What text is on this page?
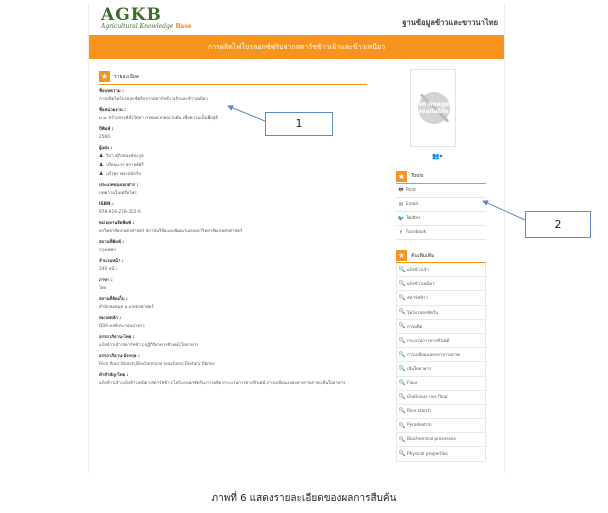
AGKB
Agricultural Knowledge Base	ฐานข้อมูลข้าวและขาวนาไทย
การผลิตไฟโบรลอกซ์พริบจากสตาร์ชข้าวเจ้าและข้าวเหนียว
★	รายละเอียด
ชื่อบทความ :
การผลิตไฟโบรลอกซ์พริบจากสตาร์ชข้าวเจ้าและข้าวเหนียว
ชื่อหน่วยงาน :
ม.ม. สร้างสรรค์ที่รวิทยา ภาคผนวกคณาบคัน เพื่อความเป็นพื่อสุดี
ปีพิมพ์ :
2560
ผู้แต่ง :
♟ วิภา ศุภิรสนงษ์ปะกูล
♟ ปรียณะรร สกาลย์ศรี
♟ นรีรพร พจรลป์ภรับ
ประเภทของเอกสาร :
บทความในเครือไพร
ISBN :
978-616-278-352-6
หน่วยงานจัดพิมพ์ :
ยกวิทยาลัยเกษตรศาสตร์ สถาบันวิจัยและพัฒนาแห่งมหาวิทยาลัยเกษตรศาสตร์
สถานที่พิมพ์ :
กรุงเทพฯ
จำนวนหน้า :
240 หน้า
ภาษา :
ไทย
สถานที่จัดเก็บ :
สำนักหอสมุด ม.เกษตรศาสตร์
หมวดหลัก :
Q04-องค์ประกอบอาหาร
อรรถาภิธาน-ไทย :
แป้งข้าวเจ้า;สตาร์ชข้าว;ปฏิกิริยาทางชีวเคมี;ใยอาหาร
อรรถาภิธาน-อังกฤษ :
Rice flour;Starch;Biochemical reactions;Dietary fibres;
คำสำคัญ-ไทย :
แป้งข้าวเจ้า;แป้งข้าวเหนียว;สตาร์ชข้าว;ไฟโบรลอกซ์ตรีน;การผลิต;กระบวนการทางชีวเคมี;การเปลี่ยนแปลงทางกายภาพ;เส้นใยอาหาร
No Image
available
👥▾
★	Tools
🖶 Print
✉ Email
🐦 Twitter
f Facebook
★	ค้นเพิ่มเติม
🔍 แป้งข้าวเจ้า
🔍 แป้งข้าวเหนียว
🔍 สตาร์ชข้าว
🔍 ไฟโบรลอกซ์ตรีน
🔍 การผลิต
🔍 กระบวนการทางชีวเคมี
🔍 การเปลี่ยนแปลงทางกายภาพ
🔍 เส้นใยอาหาร
🔍 Flour
🔍 Glutinous rice flour
🔍 Rice starch
🔍 Pyrodextrin
🔍 Biochemical processes
🔍 Physical properties
1
2
ภาพที่ 6 แสดงรายละเอียดของผลการสืบค้น
